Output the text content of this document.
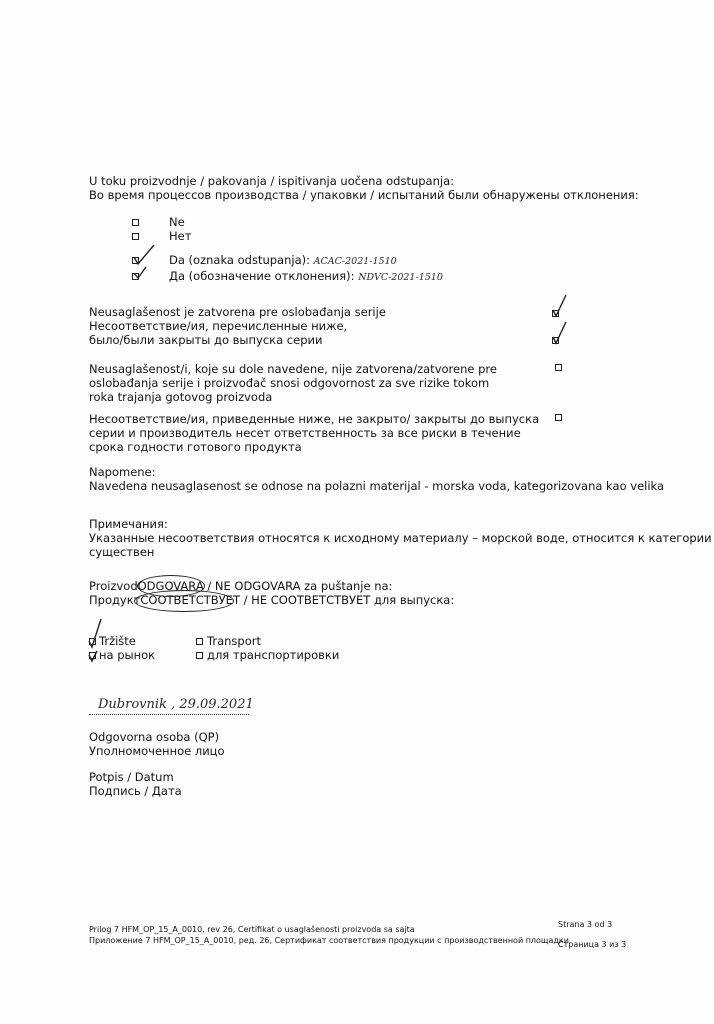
U toku proizvodnje / pakovanja / ispitivanja uočena odstupanja:
Во время процессов производства / упаковки / испытаний были обнаружены отклонения:
Ne
Нет
Da (oznaka odstupanja): ACAC-2021-1510
Да (обозначение отклонения): NDVC-2021-1510
Neusaglašenost je zatvorena pre oslobađanja serije
Несоответствие/ия, перечисленные ниже,
было/были закрыты до выпуска серии
Neusaglašenost/i, koje su dole navedene, nije zatvorena/zatvorene pre
oslobađanja serije i proizvođač snosi odgovornost za sve rizike tokom
roka trajanja gotovog proizvoda
Несоответствие/ия, приведенные ниже, не закрыто/ закрыты до выпуска
серии и производитель несет ответственность за все риски в течение
срока годности готового продукта
Napomene:
Navedena neusaglasenost se odnose na polazni materijal - morska voda, kategorizovana kao velika
Примечания:
Указанные несоответствия относятся к исходному материалу – морской воде, относится к категории
существен
ProizvodODGOVARA / NE ODGOVARA za puštanje na:
ПродуктСООТВЕТСТВУЕТ / НЕ СООТВЕТСТВУЕТ для выпуска:
Tržište
на рынок
Transport
для транспортировки
Dubrovnik , 29.09.2021
Odgovorna osoba (QP)
Уполномоченное лицо
Potpis / Datum
Подпись / Дата
Prilog 7 HFM_OP_15_A_0010, rev 26, Certifikat o usaglašenosti proizvoda sa sajta
Приложение 7 HFM_OP_15_A_0010, ред. 26, Сертификат соответствия продукции с производственной площадки
Strana 3 od 3
Страница 3 из 3
